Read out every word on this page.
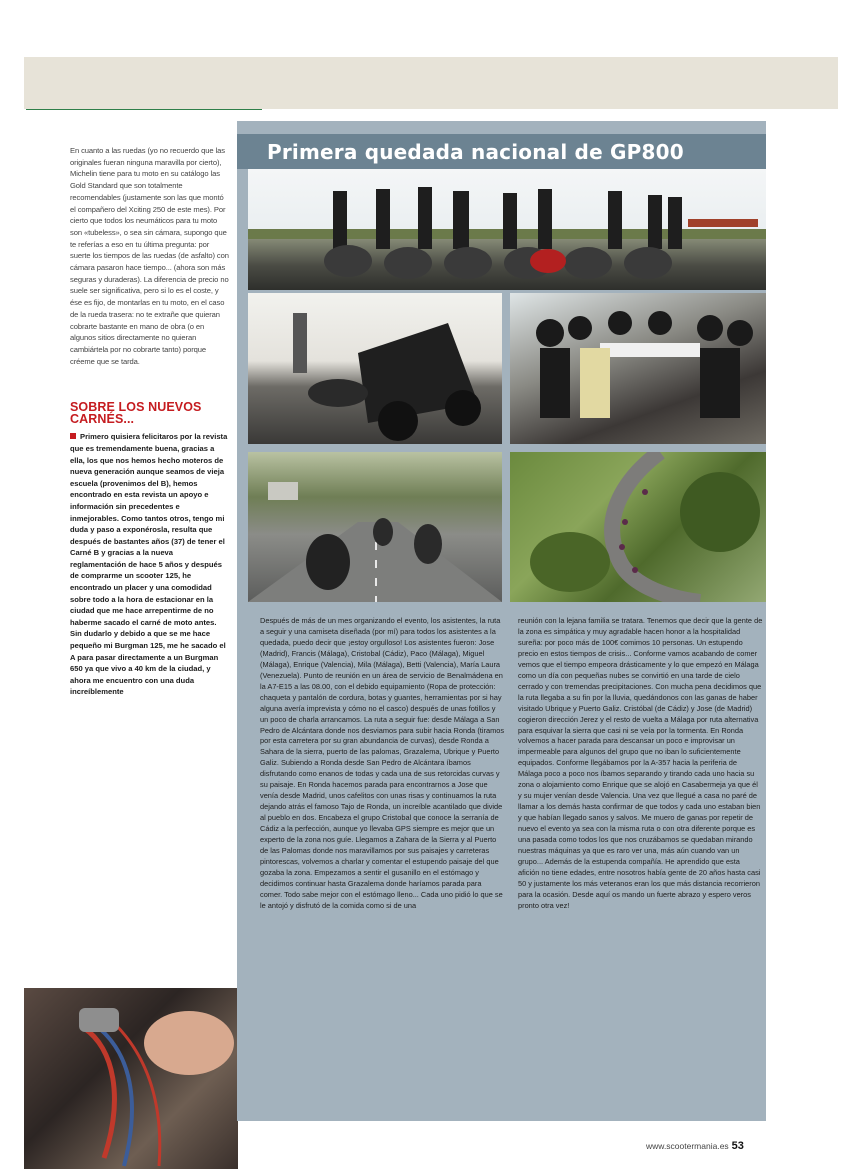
En cuanto a las ruedas (yo no recuerdo que las originales fueran ninguna maravilla por cierto), Michelin tiene para tu moto en su catálogo las Gold Standard que son totalmente recomendables (justamente son las que montó el compañero del Xciting 250 de este mes). Por cierto que todos los neumáticos para tu moto son «tubeless», o sea sin cámara, supongo que te referías a eso en tu última pregunta: por suerte los tiempos de las ruedas (de asfalto) con cámara pasaron hace tiempo... (ahora son más seguras y duraderas). La diferencia de precio no suele ser significativa, pero si lo es el coste, y ése es fijo, de montarlas en tu moto, en el caso de la rueda trasera: no te extrañe que quieran cobrarte bastante en mano de obra (o en algunos sitios directamente no quieran cambiártela por no cobrarte tanto) porque créeme que se tarda.

SOBRE LOS NUEVOS CARNÉS...

Primero quisiera felicitaros por la revista que es tremendamente buena, gracias a ella, los que nos hemos hecho moteros de nueva generación aunque seamos de vieja escuela (provenimos del B), hemos encontrado en esta revista un apoyo e información sin precedentes e inmejorables. Como tantos otros, tengo mi duda y paso a exponérosla, resulta que después de bastantes años (37) de tener el Carné B y gracias a la nueva reglamentación de hace 5 años y después de comprarme un scooter 125, he encontrado un placer y una comodidad sobre todo a la hora de estacionar en la ciudad que me hace arrepentirme de no haberme sacado el carné de moto antes. Sin dudarlo y debido a que se me hace pequeño mi Burgman 125, me he sacado el A para pasar directamente a un Burgman 650 ya que vivo a 40 km de la ciudad, y ahora me encuentro con una duda increíblemente

Primera quedada nacional de GP800

Después de más de un mes organizando el evento, los asistentes, la ruta a seguir y una camiseta diseñada (por mí) para todos los asistentes a la quedada, puedo decir que ¡estoy orgulloso! Los asistentes fueron: Jose (Madrid), Francis (Málaga), Cristobal (Cádiz), Paco (Málaga), Miguel (Málaga), Enrique (Valencia), Mila (Málaga), Betti (Valencia), María Laura (Venezuela). Punto de reunión en un área de servicio de Benalmádena en la A7-E15 a las 08.00, con el debido equipamiento (Ropa de protección: chaqueta y pantalón de cordura, botas y guantes, herramientas por si hay alguna avería imprevista y cómo no el casco) después de unas fotillos y un poco de charla arrancamos. La ruta a seguir fue: desde Málaga a San Pedro de Alcántara donde nos desviamos para subir hacia Ronda (tiramos por esta carretera por su gran abundancia de curvas), desde Ronda a Sahara de la sierra, puerto de las palomas, Grazalema, Ubrique y Puerto Galiz. Subiendo a Ronda desde San Pedro de Alcántara íbamos disfrutando como enanos de todas y cada una de sus retorcidas curvas y su paisaje. En Ronda hacemos parada para encontrarnos a Jose que venía desde Madrid, unos cafelitos con unas risas y continuamos la ruta dejando atrás el famoso Tajo de Ronda, un increíble acantilado que divide al pueblo en dos. Encabeza el grupo Cristobal que conoce la serranía de Cádiz a la perfección, aunque yo llevaba GPS siempre es mejor que un experto de la zona nos guíe. Llegamos a Zahara de la Sierra y al Puerto de las Palomas donde nos maravillamos por sus paisajes y carreteras pintorescas, volvemos a charlar y comentar el estupendo paisaje del que gozaba la zona. Empezamos a sentir el gusanillo en el estómago y decidimos continuar hasta Grazalema donde haríamos parada para comer. Todo sabe mejor con el estómago lleno... Cada uno pidió lo que se le antojó y disfrutó de la comida como si de una

reunión con la lejana familia se tratara. Tenemos que decir que la gente de la zona es simpática y muy agradable hacen honor a la hospitalidad sureña: por poco más de 100€ comimos 10 personas. Un estupendo precio en estos tiempos de crisis... Conforme vamos acabando de comer vemos que el tiempo empeora drásticamente y lo que empezó en Málaga como un día con pequeñas nubes se convirtió en una tarde de cielo cerrado y con tremendas precipitaciones. Con mucha pena decidimos que la ruta llegaba a su fin por la lluvia, quedándonos con las ganas de haber visitado Ubrique y Puerto Galiz. Cristóbal (de Cádiz) y Jose (de Madrid) cogieron dirección Jerez y el resto de vuelta a Málaga por ruta alternativa para esquivar la sierra que casi ni se veía por la tormenta. En Ronda volvemos a hacer parada para descansar un poco e improvisar un impermeable para algunos del grupo que no iban lo suficientemente equipados. Conforme llegábamos por la A-357 hacia la periferia de Málaga poco a poco nos íbamos separando y tirando cada uno hacia su zona o alojamiento como Enrique que se alojó en Casabermeja ya que él y su mujer venían desde Valencia. Una vez que llegué a casa no paré de llamar a los demás hasta confirmar de que todos y cada uno estaban bien y que habían llegado sanos y salvos. Me muero de ganas por repetir de nuevo el evento ya sea con la misma ruta o con otra diferente porque es una pasada como todos los que nos cruzábamos se quedaban mirando nuestras máquinas ya que es raro ver una, más aún cuando van un grupo... Además de la estupenda compañía. He aprendido que esta afición no tiene edades, entre nosotros había gente de 20 años hasta casi 50 y justamente los más veteranos eran los que más distancia recorrieron para la ocasión. Desde aquí os mando un fuerte abrazo y espero veros pronto otra vez!

www.scootermania.es 53
